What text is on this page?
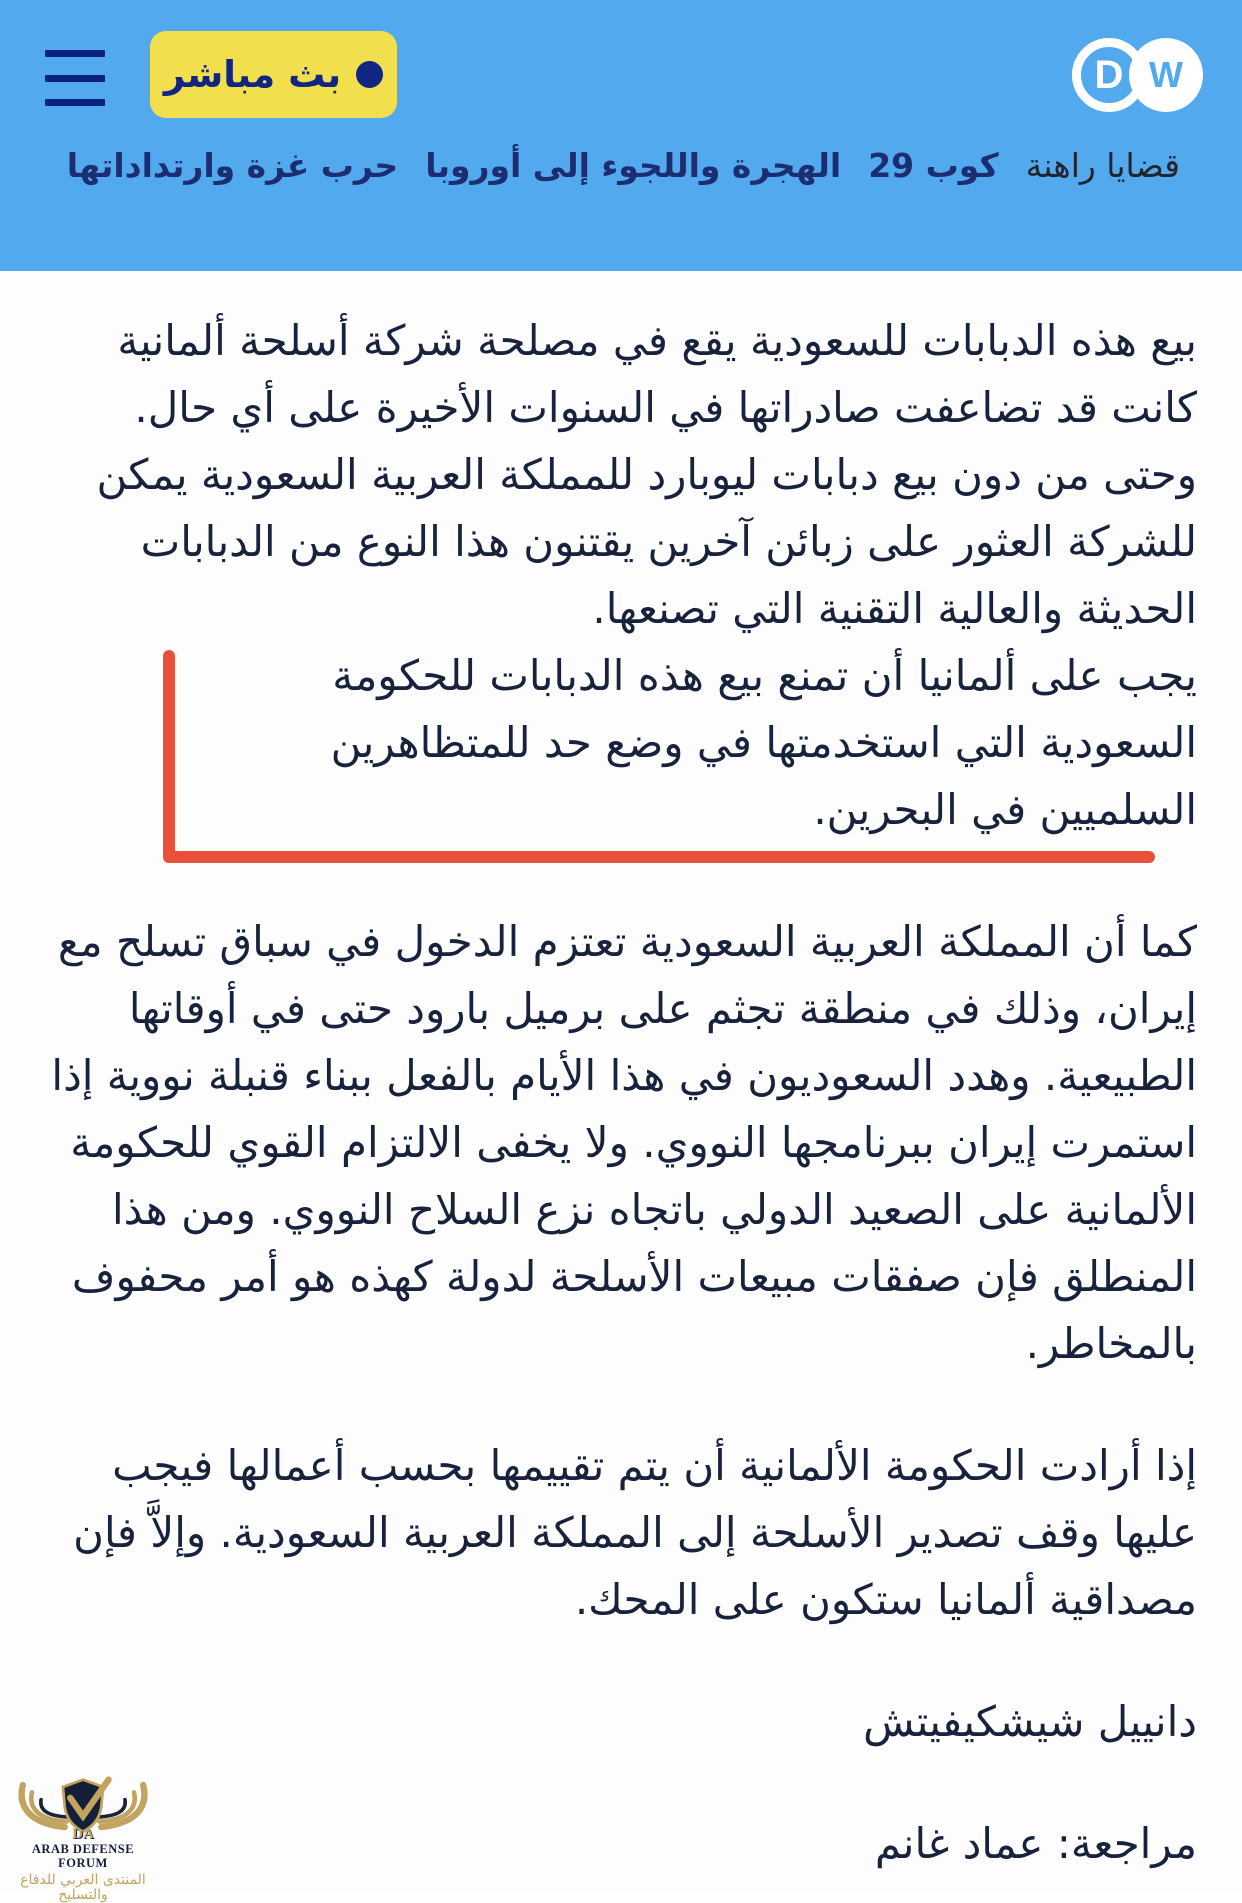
بث مباشر	D W
قضايا راهنة
كوب 29
الهجرة واللجوء إلى أوروبا
حرب غزة وارتداداتها

بيع هذه الدبابات للسعودية يقع في مصلحة شركة أسلحة ألمانية كانت قد تضاعفت صادراتها في السنوات الأخيرة على أي حال. وحتى من دون بيع دبابات ليوبارد للمملكة العربية السعودية يمكن للشركة العثور على زبائن آخرين يقتنون هذا النوع من الدبابات الحديثة والعالية التقنية التي تصنعها.

يجب على ألمانيا أن تمنع بيع هذه الدبابات للحكومة السعودية التي استخدمتها في وضع حد للمتظاهرين السلميين في البحرين.

كما أن المملكة العربية السعودية تعتزم الدخول في سباق تسلح مع إيران، وذلك في منطقة تجثم على برميل بارود حتى في أوقاتها الطبيعية. وهدد السعوديون في هذا الأيام بالفعل ببناء قنبلة نووية إذا استمرت إيران ببرنامجها النووي. ولا يخفى الالتزام القوي للحكومة الألمانية على الصعيد الدولي باتجاه نزع السلاح النووي. ومن هذا المنطلق فإن صفقات مبيعات الأسلحة لدولة كهذه هو أمر محفوف بالمخاطر.

إذا أرادت الحكومة الألمانية أن يتم تقييمها بحسب أعمالها فيجب عليها وقف تصدير الأسلحة إلى المملكة العربية السعودية. وإلاَّ فإن مصداقية ألمانيا ستكون على المحك.

دانييل شيشكيفيتش

مراجعة: عماد غانم

DA
ARAB DEFENSE FORUM
المنتدى العربي للدفاع والتسليح
